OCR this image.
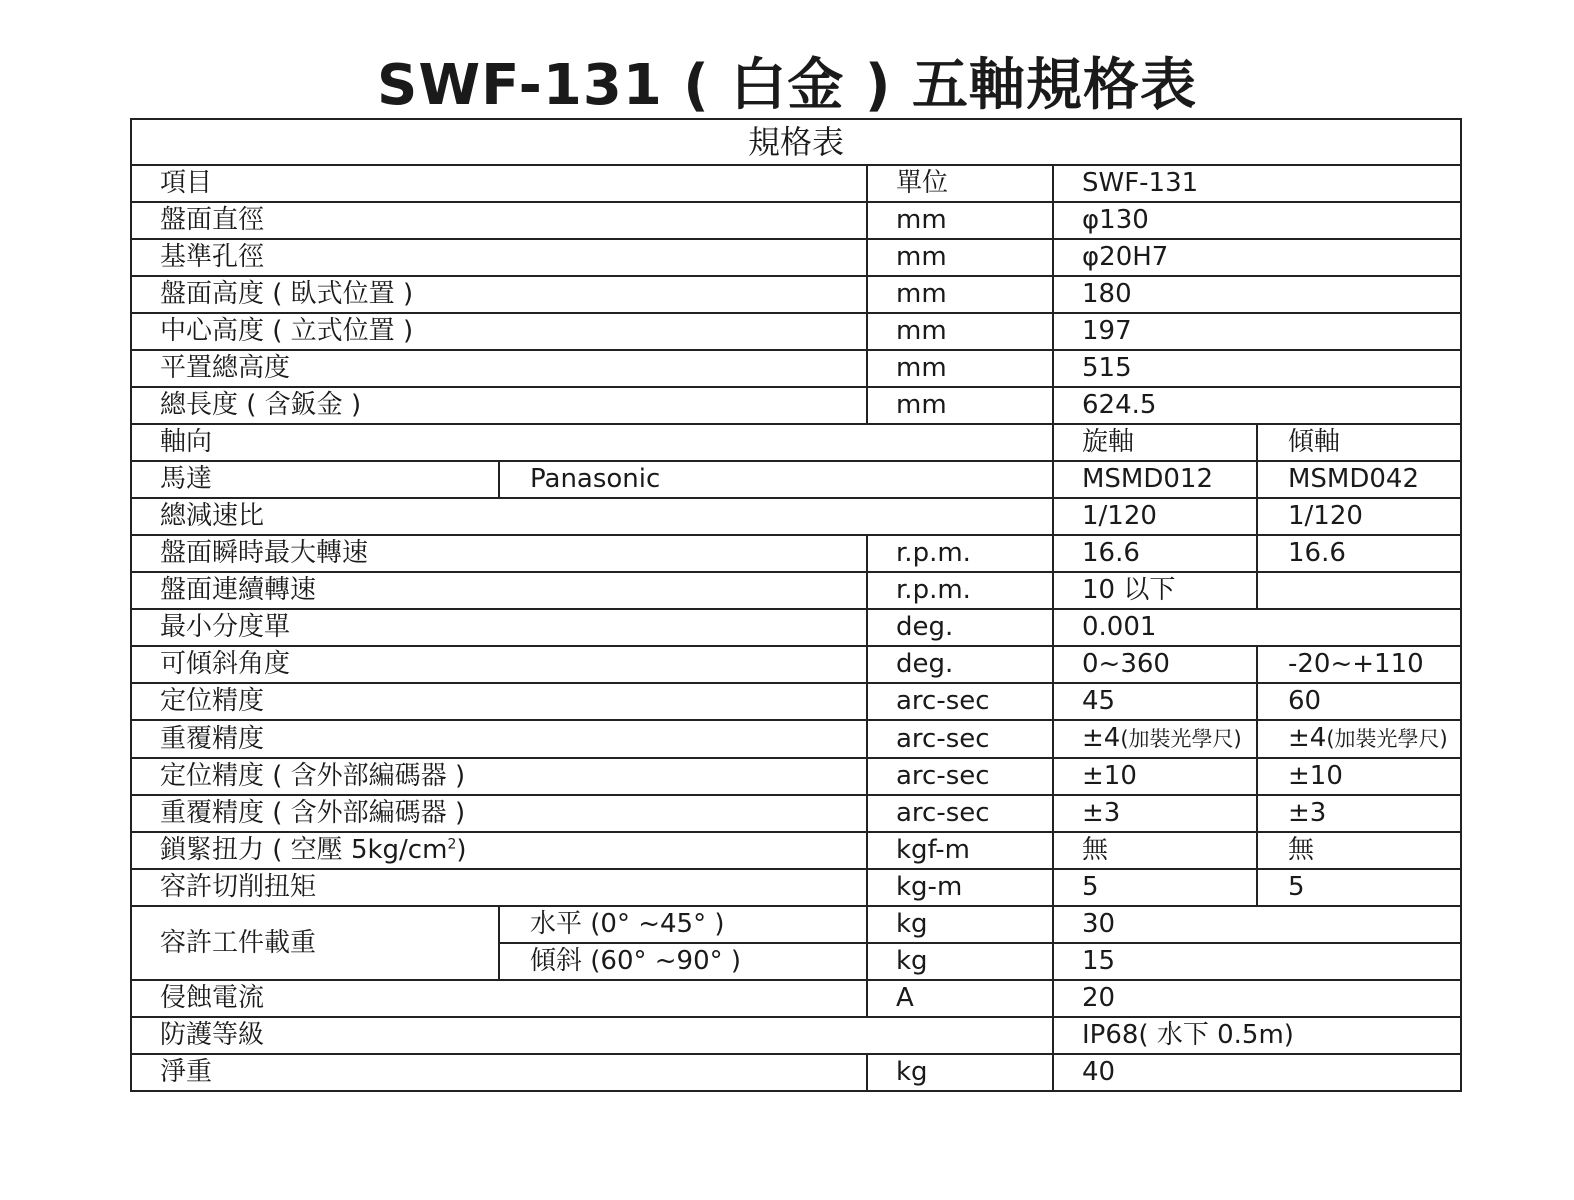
SWF-131 ( 白金 ) 五軸規格表
規格表				
項目		單位	SWF-131	
盤面直徑		mm	φ130	
基準孔徑		mm	φ20H7	
盤面高度 ( 臥式位置 )		mm	180	
中心高度 ( 立式位置 )		mm	197	
平置總高度		mm	515	
總長度 ( 含鈑金 )		mm	624.5	
軸向			旋軸	傾軸
馬達	Panasonic		MSMD012	MSMD042
總減速比			1/120	1/120
盤面瞬時最大轉速		r.p.m.	16.6	16.6
盤面連續轉速		r.p.m.	10 以下	
最小分度單		deg.	0.001	
可傾斜角度		deg.	0~360	-20~+110
定位精度		arc-sec	45	60
重覆精度		arc-sec	±4(加裝光學尺)	±4(加裝光學尺)
定位精度 ( 含外部編碼器 )		arc-sec	±10	±10
重覆精度 ( 含外部編碼器 )		arc-sec	±3	±3
鎖緊扭力 ( 空壓 $5kg/cm^2$)		kgf-m	無	無
容許切削扭矩		kg-m	5	5
容許工件載重	水平 (0° ~45° )	kg	30	
	傾斜 (60° ~90° )	kg	15	
侵蝕電流		A	20	
防護等級			IP68( 水下 0.5m)	
淨重		kg	40	
